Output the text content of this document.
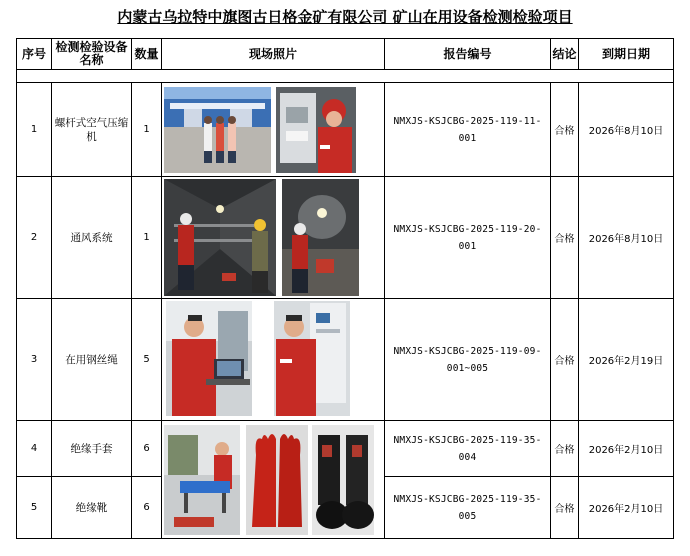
内蒙古乌拉特中旗图古日格金矿有限公司 矿山在用设备检测检验项目
序号	检测检验设备名称	数量	现场照片	报告编号	结论	到期日期

1	螺杆式空气压缩机	1		NMXJS-KSJCBG-2025-119-11-001	合格	2026年8月10日
2	通风系统	1		NMXJS-KSJCBG-2025-119-20-001	合格	2026年8月10日
3	在用钢丝绳	5		NMXJS-KSJCBG-2025-119-09-001~005	合格	2026年2月19日
4	绝缘手套	6		NMXJS-KSJCBG-2025-119-35-004	合格	2026年2月10日
5	绝缘靴	6		NMXJS-KSJCBG-2025-119-35-005	合格	2026年2月10日
